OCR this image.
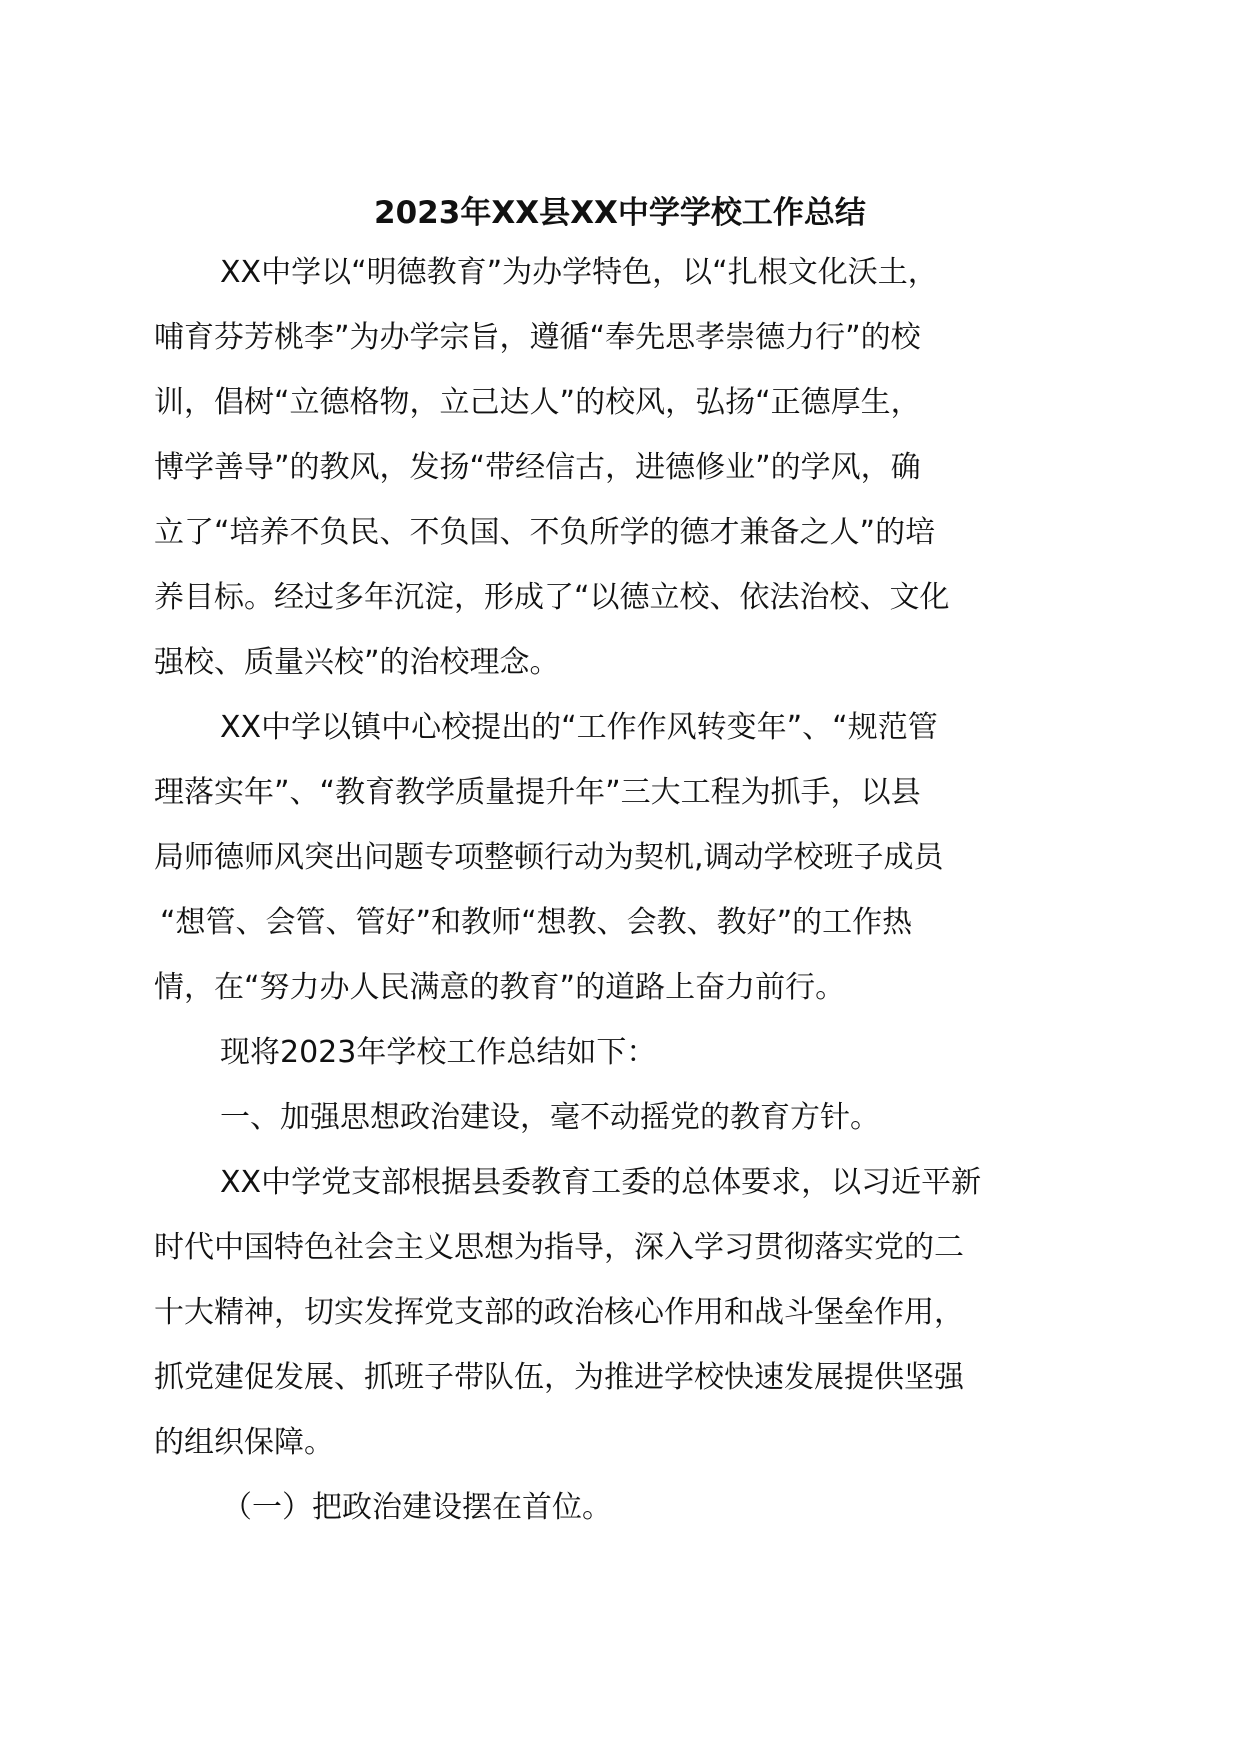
2023年XX县XX中学学校工作总结

XX中学以“明德教育”为办学特色，以“扎根文化沃土，

哺育芬芳桃李”为办学宗旨，遵循“奉先思孝崇德力行”的校

训，倡树“立德格物，立己达人”的校风，弘扬“正德厚生，

博学善导”的教风，发扬“带经信古，进德修业”的学风，确

立了“培养不负民、不负国、不负所学的德才兼备之人”的培

养目标。经过多年沉淀，形成了“以德立校、依法治校、文化

强校、质量兴校”的治校理念。

XX中学以镇中心校提出的“工作作风转变年”、“规范管

理落实年”、“教育教学质量提升年”三大工程为抓手，以县

局师德师风突出问题专项整顿行动为契机,调动学校班子成员

“想管、会管、管好”和教师“想教、会教、教好”的工作热

情，在“努力办人民满意的教育”的道路上奋力前行。

现将2023年学校工作总结如下：

一、加强思想政治建设，毫不动摇党的教育方针。

XX中学党支部根据县委教育工委的总体要求，以习近平新

时代中国特色社会主义思想为指导，深入学习贯彻落实党的二

十大精神，切实发挥党支部的政治核心作用和战斗堡垒作用，

抓党建促发展、抓班子带队伍，为推进学校快速发展提供坚强

的组织保障。

（一）把政治建设摆在首位。
